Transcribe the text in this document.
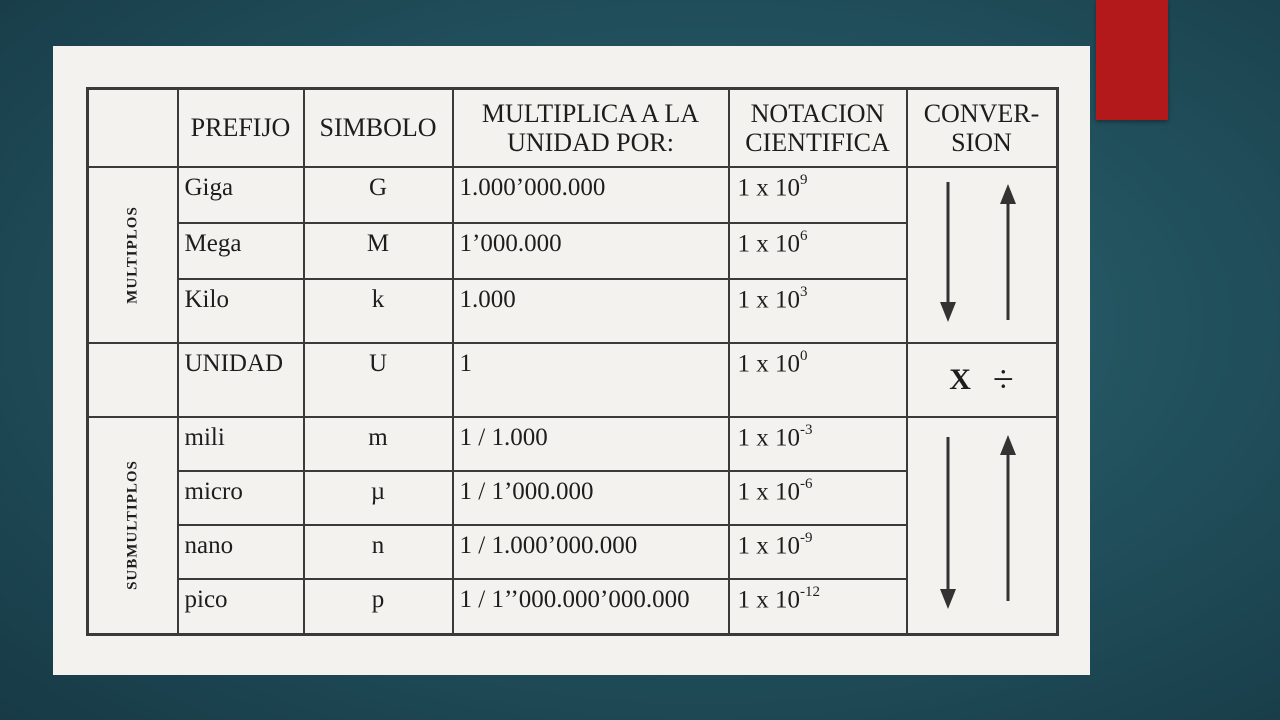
	PREFIJO	SIMBOLO	MULTIPLICA A LA UNIDAD POR:	NOTACION CIENTIFICA	CONVER-SION

MULTIPLOS	Giga	G	1.000’000.000	1 x $10^9$	

	Mega	M	1’000.000	1 x $10^6$
	Kilo	k	1.000	1 x $10^3$
	UNIDAD	U	1	1 x $10^0$	X ÷

SUBMULTIPLOS	mili	m	1 / 1.000	1 x $10^{-3}$	

	micro	µ	1 / 1’000.000	1 x $10^{-6}$
	nano	n	1 / 1.000’000.000	1 x $10^{-9}$
	pico	p	1 / 1’’000.000’000.000	1 x $10^{-12}$
